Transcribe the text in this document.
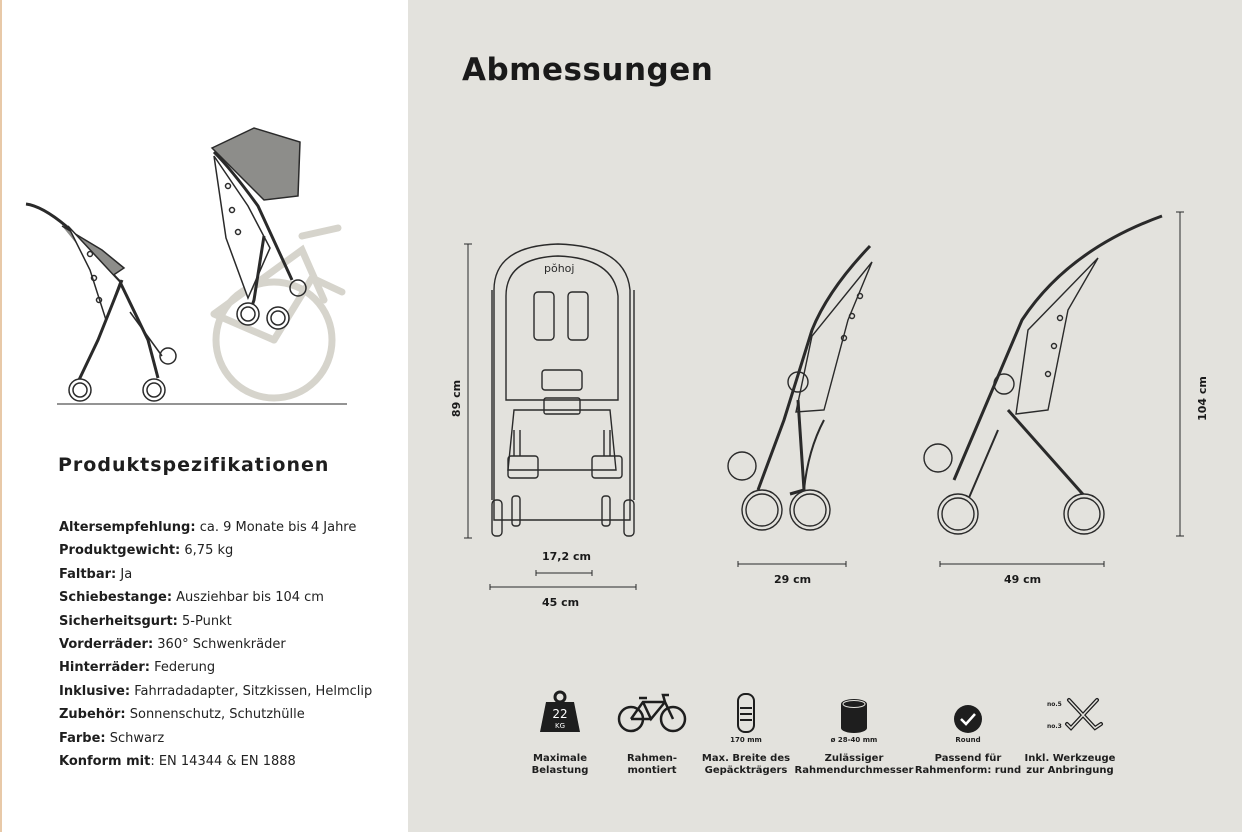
Produktspezifikationen
Altersempfehlung: ca. 9 Monate bis 4 Jahre
Produktgewicht: 6,75 kg
Faltbar: Ja
Schiebestange: Ausziehbar bis 104 cm
Sicherheitsgurt: 5-Punkt
Vorderräder: 360° Schwenkräder
Hinterräder: Federung
Inklusive: Fahrradadapter, Sitzkissen, Helmclip
Zubehör: Sonnenschutz, Schutzhülle
Farbe: Schwarz
Konform mit: EN 14344 & EN 1888
Abmessungen
pŏhoj
89 cm
17,2 cm
45 cm
29 cm	49 cm
104 cm
22
KG
Maximale
Belastung
Rahmen-
montiert
170 mm
Max. Breite des
Gepäckträgers
ø 28-40 mm
Zulässiger
Rahmendurchmesser
Round
Passend für
Rahmenform: rund
no.5
no.3
Inkl. Werkzeuge
zur Anbringung
